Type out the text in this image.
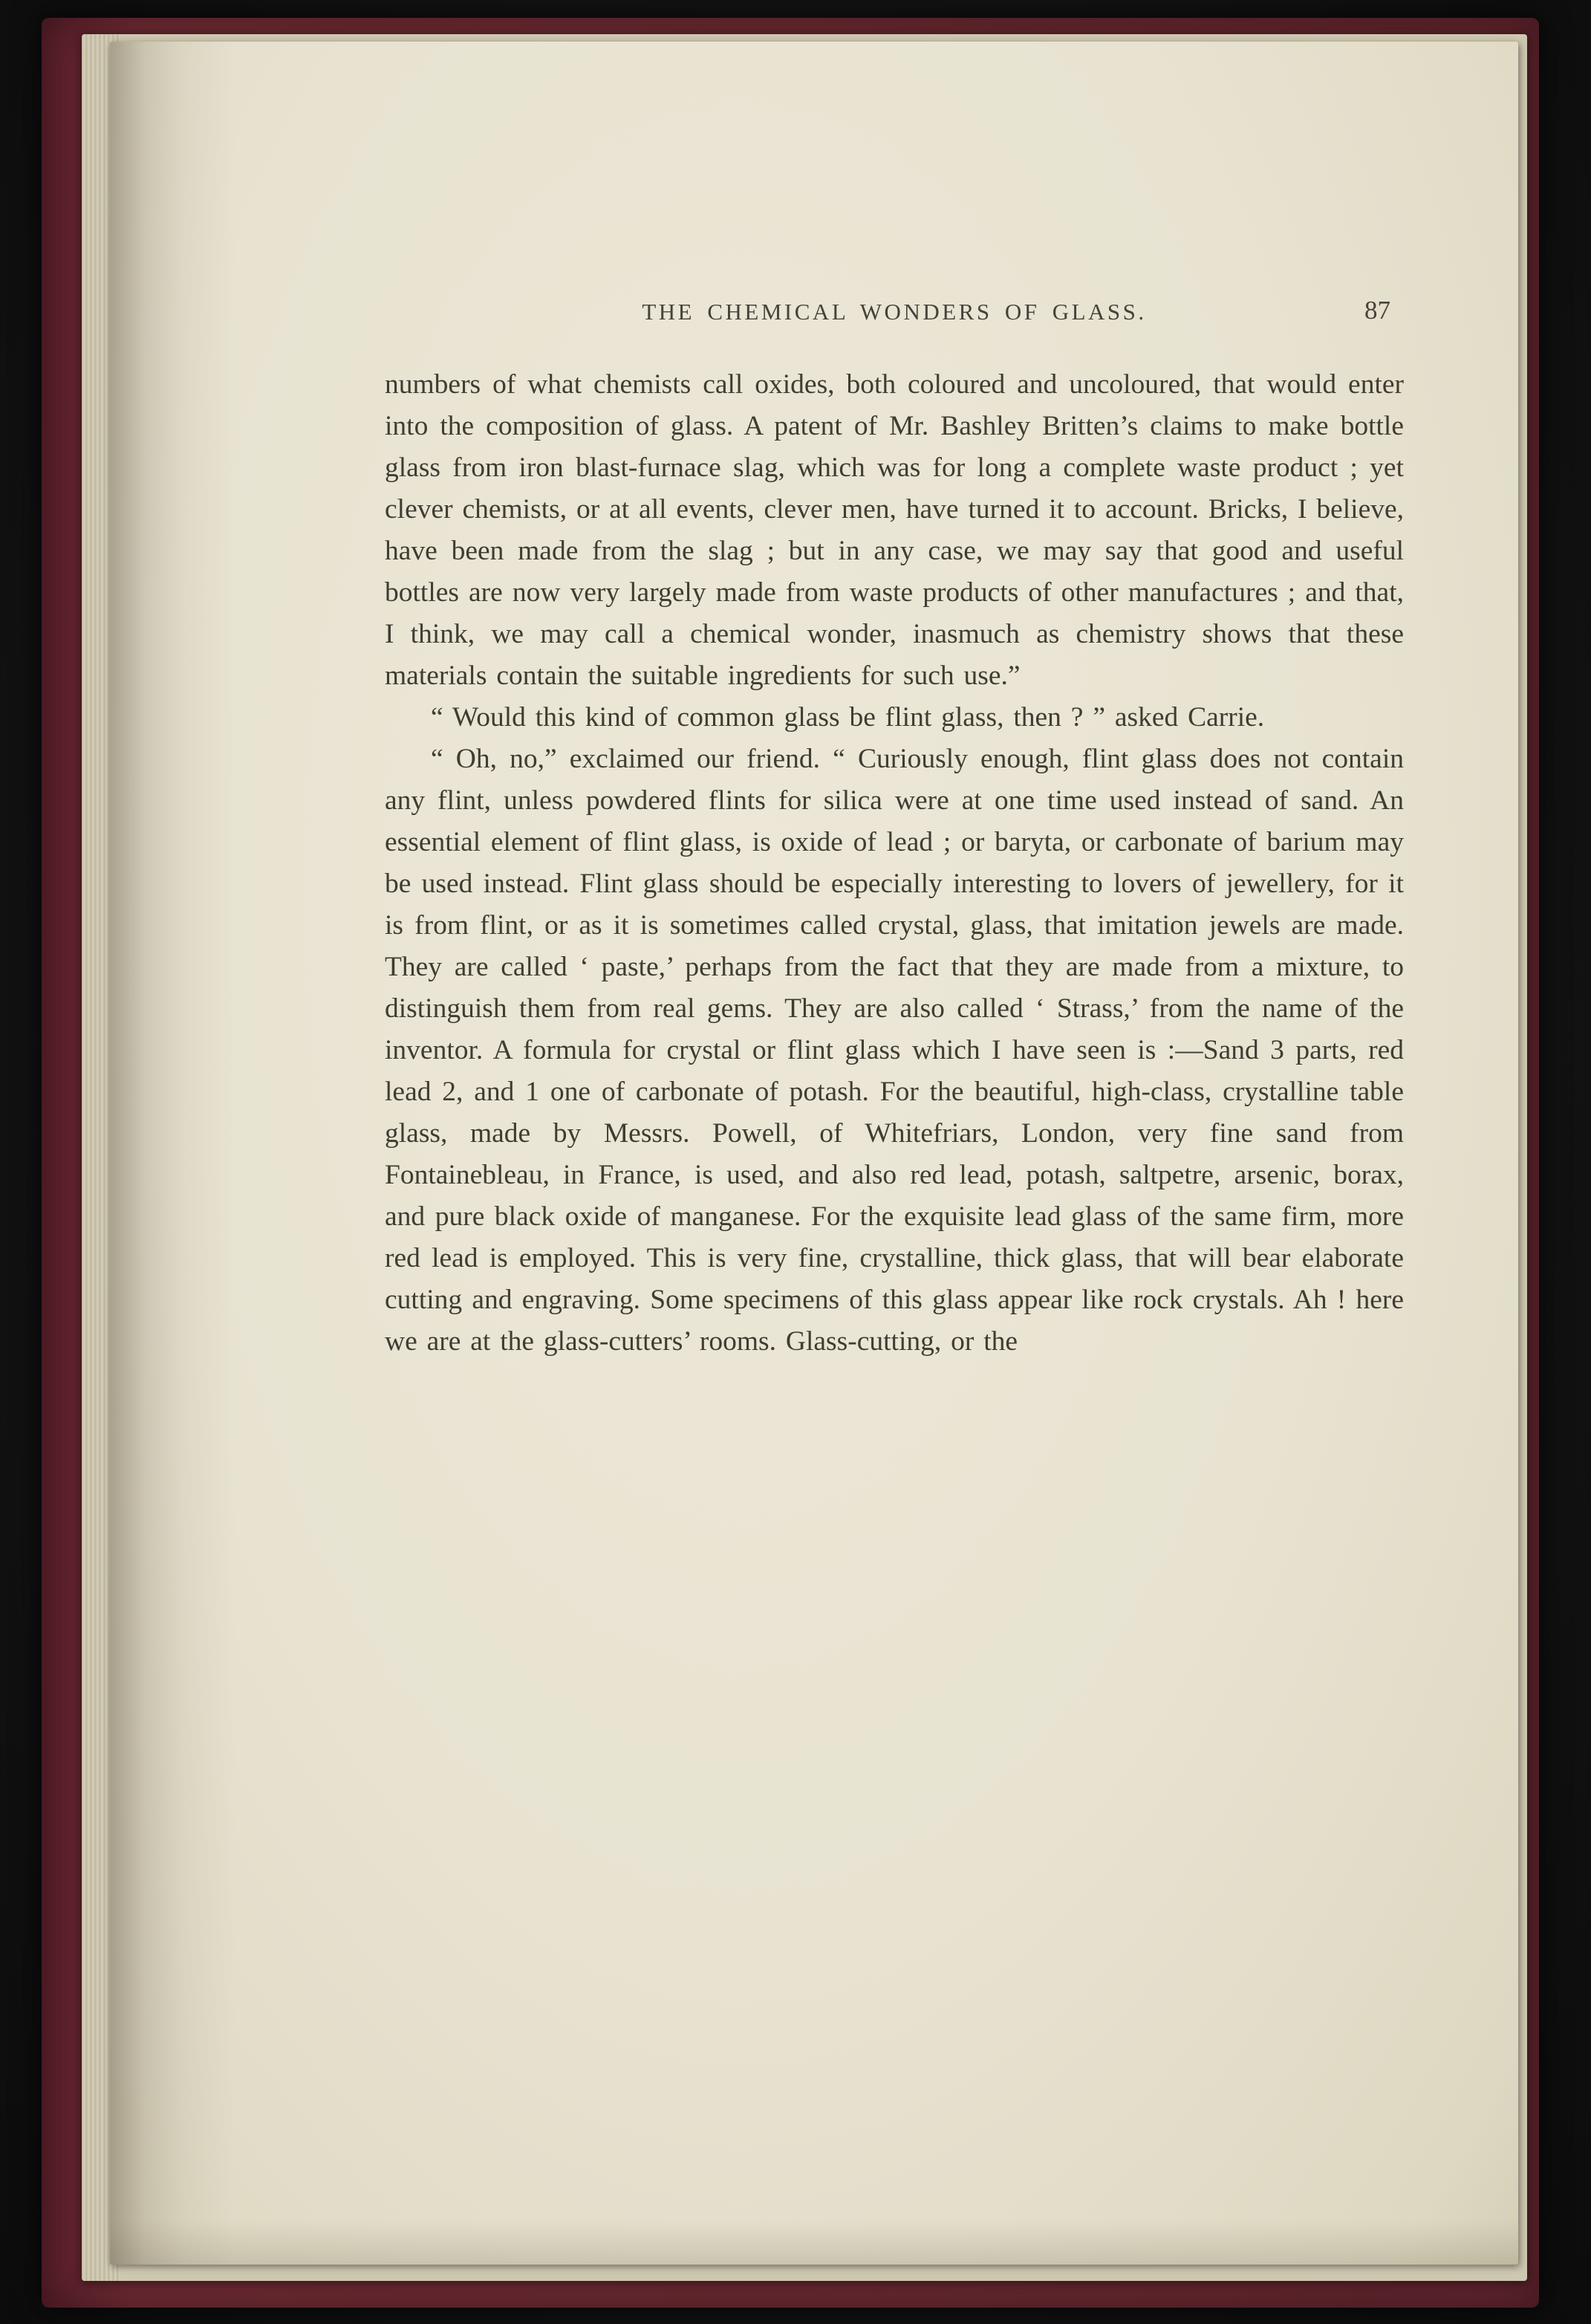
THE CHEMICAL WONDERS OF GLASS.	87

numbers of what chemists call oxides, both coloured and uncoloured, that would enter into the composition of glass. A patent of Mr. Bashley Britten’s claims to make bottle glass from iron blast-furnace slag, which was for long a complete waste product ; yet clever chemists, or at all events, clever men, have turned it to account. Bricks, I believe, have been made from the slag ; but in any case, we may say that good and useful bottles are now very largely made from waste products of other manufactures ; and that, I think, we may call a chemical wonder, inasmuch as chemistry shows that these materials contain the suitable ingredients for such use.”

“ Would this kind of common glass be flint glass, then ? ” asked Carrie.

“ Oh, no,” exclaimed our friend. “ Curiously enough, flint glass does not contain any flint, unless powdered flints for silica were at one time used instead of sand. An essential element of flint glass, is oxide of lead ; or baryta, or carbonate of barium may be used instead. Flint glass should be especially interesting to lovers of jewellery, for it is from flint, or as it is sometimes called crystal, glass, that imitation jewels are made. They are called ‘ paste,’ perhaps from the fact that they are made from a mixture, to distinguish them from real gems. They are also called ‘ Strass,’ from the name of the inventor. A formula for crystal or flint glass which I have seen is :—Sand 3 parts, red lead 2, and 1 one of carbonate of potash. For the beautiful, high-class, crystalline table glass, made by Messrs. Powell, of Whitefriars, London, very fine sand from Fontainebleau, in France, is used, and also red lead, potash, saltpetre, arsenic, borax, and pure black oxide of manganese. For the exquisite lead glass of the same firm, more red lead is employed. This is very fine, crystalline, thick glass, that will bear elaborate cutting and engraving. Some specimens of this glass appear like rock crystals. Ah ! here we are at the glass-cutters’ rooms. Glass-cutting, or the
